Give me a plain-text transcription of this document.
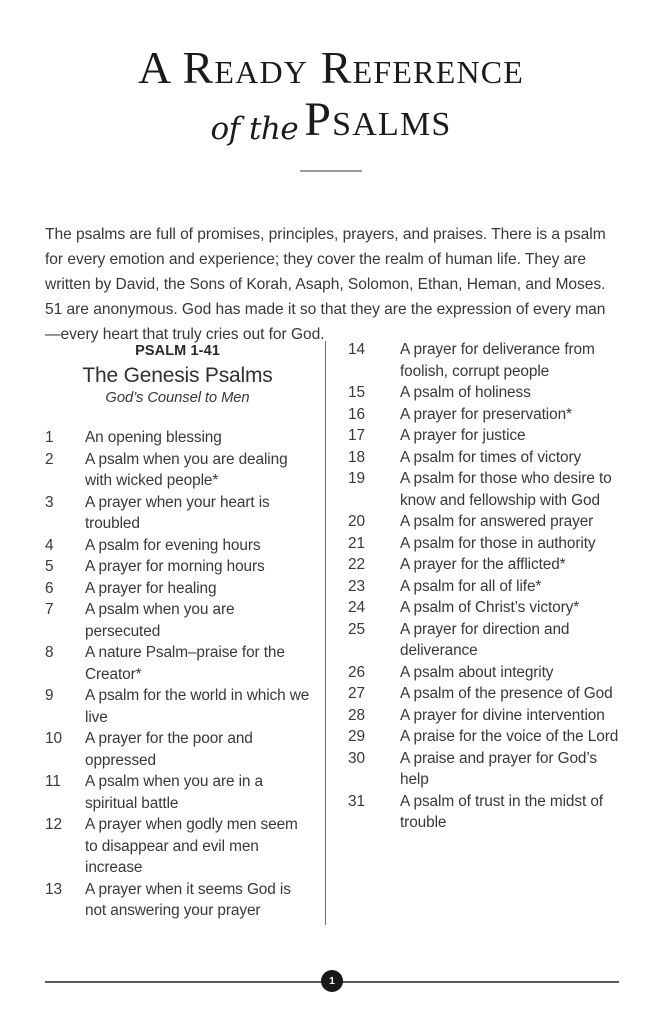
A Ready Reference
of the Psalms

The psalms are full of promises, principles, prayers, and praises. There is a psalm for every emotion and experience; they cover the realm of human life. They are written by David, the Sons of Korah, Asaph, Solomon, Ethan, Heman, and Moses. 51 are anonymous. God has made it so that they are the expression of every man—every heart that truly cries out for God.

PSALM 1-41
The Genesis Psalms
God’s Counsel to Men
1	An opening blessing
2	A psalm when you are dealing with wicked people*
3	A prayer when your heart is troubled
4	A psalm for evening hours
5	A prayer for morning hours
6	A prayer for healing
7	A psalm when you are persecuted
8	A nature Psalm–praise for the Creator*
9	A psalm for the world in which we live
10	A prayer for the poor and oppressed
11	A psalm when you are in a spiritual battle
12	A prayer when godly men seem to disappear and evil men increase
13	A prayer when it seems God is not answering your prayer
14	A prayer for deliverance from foolish, corrupt people
15	A psalm of holiness
16	A prayer for preservation*
17	A prayer for justice
18	A psalm for times of victory
19	A psalm for those who desire to know and fellowship with God
20	A psalm for answered prayer
21	A psalm for those in authority
22	A prayer for the afflicted*
23	A psalm for all of life*
24	A psalm of Christ’s victory*
25	A prayer for direction and deliverance
26	A psalm about integrity
27	A psalm of the presence of God
28	A prayer for divine intervention
29	A praise for the voice of the Lord
30	A praise and prayer for God’s help
31	A psalm of trust in the midst of trouble
1
